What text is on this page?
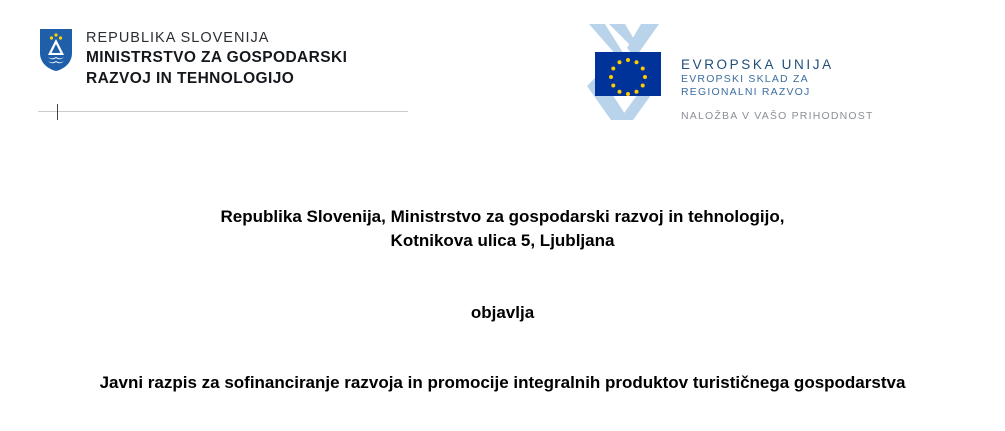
REPUBLIKA SLOVENIJA
MINISTRSTVO ZA GOSPODARSKI
RAZVOJ IN TEHNOLOGIJO
EVROPSKA UNIJA
EVROPSKI SKLAD ZA
REGIONALNI RAZVOJ
NALOŽBA V VAŠO PRIHODNOST
Republika Slovenija, Ministrstvo za gospodarski razvoj in tehnologijo,
Kotnikova ulica 5, Ljubljana
objavlja
Javni razpis za sofinanciranje razvoja in promocije integralnih produktov turističnega gospodarstva
